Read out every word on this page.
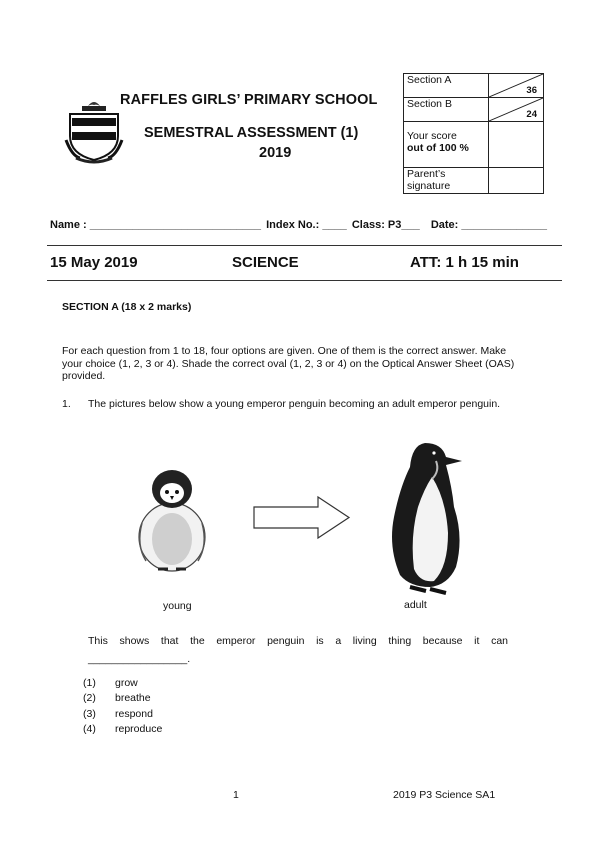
RAFFLES GIRLS’ PRIMARY SCHOOL
SEMESTRAL ASSESSMENT (1)
2019
Section A	36

Section B	24

Your score
out of 100 %	

Parent’s
signature	

Name : ____________________________ Index No.: ____ Class: P3___ Date: ______________
15 May 2019	SCIENCE	ATT: 1 h 15 min
SECTION A (18 x 2 marks)
For each question from 1 to 18, four options are given. One of them is the correct answer. Make your choice (1, 2, 3 or 4). Shade the correct oval (1, 2, 3 or 4) on the Optical Answer Sheet (OAS) provided.
1. The pictures below show a young emperor penguin becoming an adult emperor penguin.
young	adult
This shows that the emperor penguin is a living thing because it can
_________________.
(1) grow
(2) breathe
(3) respond
(4) reproduce
1	2019 P3 Science SA1
